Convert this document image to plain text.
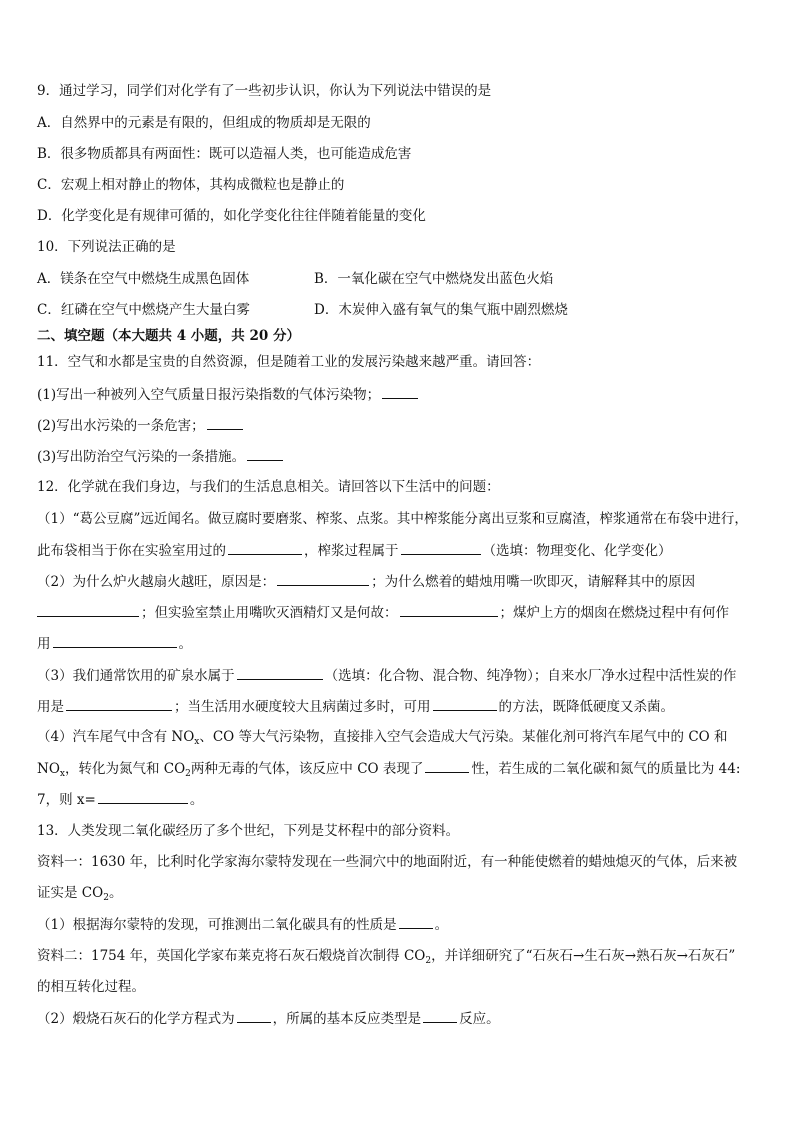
9．通过学习，同学们对化学有了一些初步认识，你认为下列说法中错误的是
A．自然界中的元素是有限的，但组成的物质却是无限的
B．很多物质都具有两面性：既可以造福人类，也可能造成危害
C．宏观上相对静止的物体，其构成微粒也是静止的
D．化学变化是有规律可循的，如化学变化往往伴随着能量的变化
10．下列说法正确的是
A．镁条在空气中燃烧生成黑色固体	B．一氧化碳在空气中燃烧发出蓝色火焰
C．红磷在空气中燃烧产生大量白雾	D．木炭伸入盛有氧气的集气瓶中剧烈燃烧
二、填空题（本大题共 4 小题，共 20 分）
11．空气和水都是宝贵的自然资源，但是随着工业的发展污染越来越严重。请回答：
(1)写出一种被列入空气质量日报污染指数的气体污染物；
(2)写出水污染的一条危害；
(3)写出防治空气污染的一条措施。
12．化学就在我们身边，与我们的生活息息相关。请回答以下生活中的问题：
（1）“葛公豆腐”远近闻名。做豆腐时要磨浆、榨浆、点浆。其中榨浆能分离出豆浆和豆腐渣，榨浆通常在布袋中进行，
此布袋相当于你在实验室用过的	，榨浆过程属于	（选填：物理变化、化学变化）
（2）为什么炉火越扇火越旺，原因是：	；为什么燃着的蜡烛用嘴一吹即灭，请解释其中的原因
；但实验室禁止用嘴吹灭酒精灯又是何故：	；煤炉上方的烟囱在燃烧过程中有何作
用	。
（3）我们通常饮用的矿泉水属于	（选填：化合物、混合物、纯净物）；自来水厂净水过程中活性炭的作
用是	；当生活用水硬度较大且病菌过多时，可用	的方法，既降低硬度又杀菌。
（4）汽车尾气中含有 $NO_x$、CO 等大气污染物，直接排入空气会造成大气污染。某催化剂可将汽车尾气中的 CO 和
$NO_x$，转化为氮气和 $CO_2$两种无毒的气体，该反应中 CO 表现了	性，若生成的二氧化碳和氮气的质量比为 44:
7，则 x=	。
13．人类发现二氧化碳经历了多个世纪，下列是艾杯程中的部分资料。
资料一：1630 年，比利时化学家海尔蒙特发现在一些洞穴中的地面附近，有一种能使燃着的蜡烛熄灭的气体，后来被
证实是 $CO_2$。
（1）根据海尔蒙特的发现，可推测出二氧化碳具有的性质是	。
资料二：1754 年，英国化学家布莱克将石灰石煅烧首次制得 $CO_2$，并详细研究了“石灰石→生石灰→熟石灰→石灰石”
的相互转化过程。
（2）煅烧石灰石的化学方程式为	，所属的基本反应类型是	反应。
